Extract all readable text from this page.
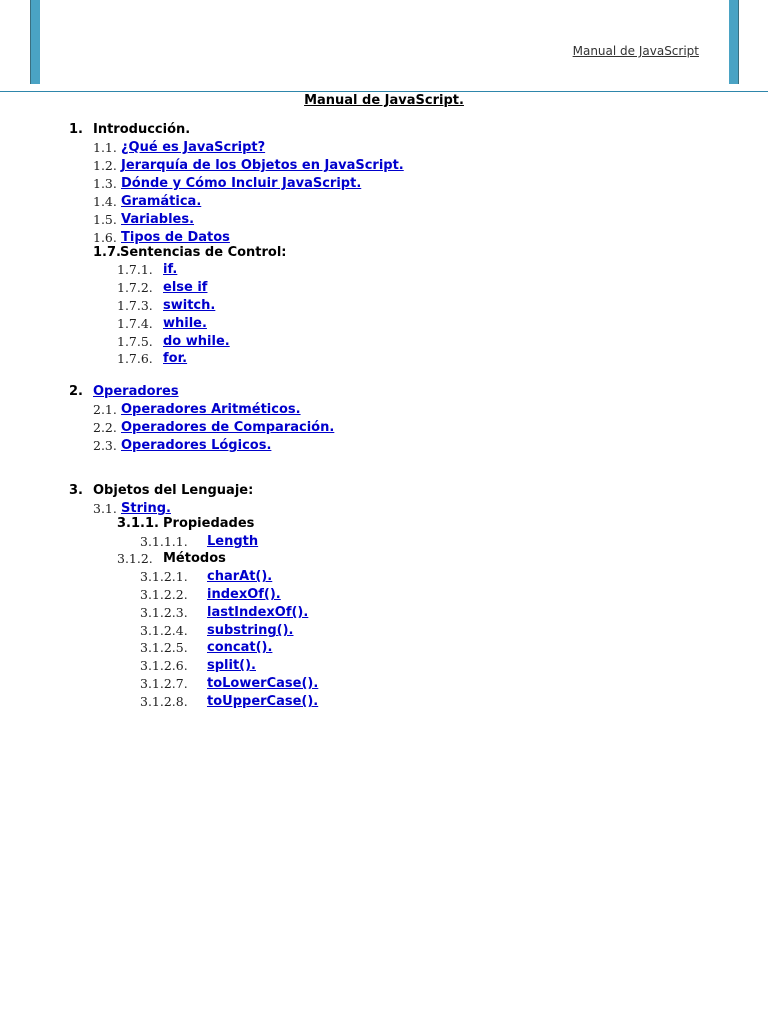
Manual de JavaScript
Manual de JavaScript.
1. Introducción.
1.1. ¿Qué es JavaScript?
1.2. Jerarquía de los Objetos en JavaScript.
1.3. Dónde y Cómo Incluir JavaScript.
1.4. Gramática.
1.5. Variables.
1.6. Tipos de Datos
1.7. Sentencias de Control:
1.7.1. if.
1.7.2. else if
1.7.3. switch.
1.7.4. while.
1.7.5. do while.
1.7.6. for.
2. Operadores
2.1. Operadores Aritméticos.
2.2. Operadores de Comparación.
2.3. Operadores Lógicos.
3. Objetos del Lenguaje:
3.1. String.
3.1.1. Propiedades
3.1.1.1. Length
3.1.2. Métodos
3.1.2.1. charAt().
3.1.2.2. indexOf().
3.1.2.3. lastIndexOf().
3.1.2.4. substring().
3.1.2.5. concat().
3.1.2.6. split().
3.1.2.7. toLowerCase().
3.1.2.8. toUpperCase().
